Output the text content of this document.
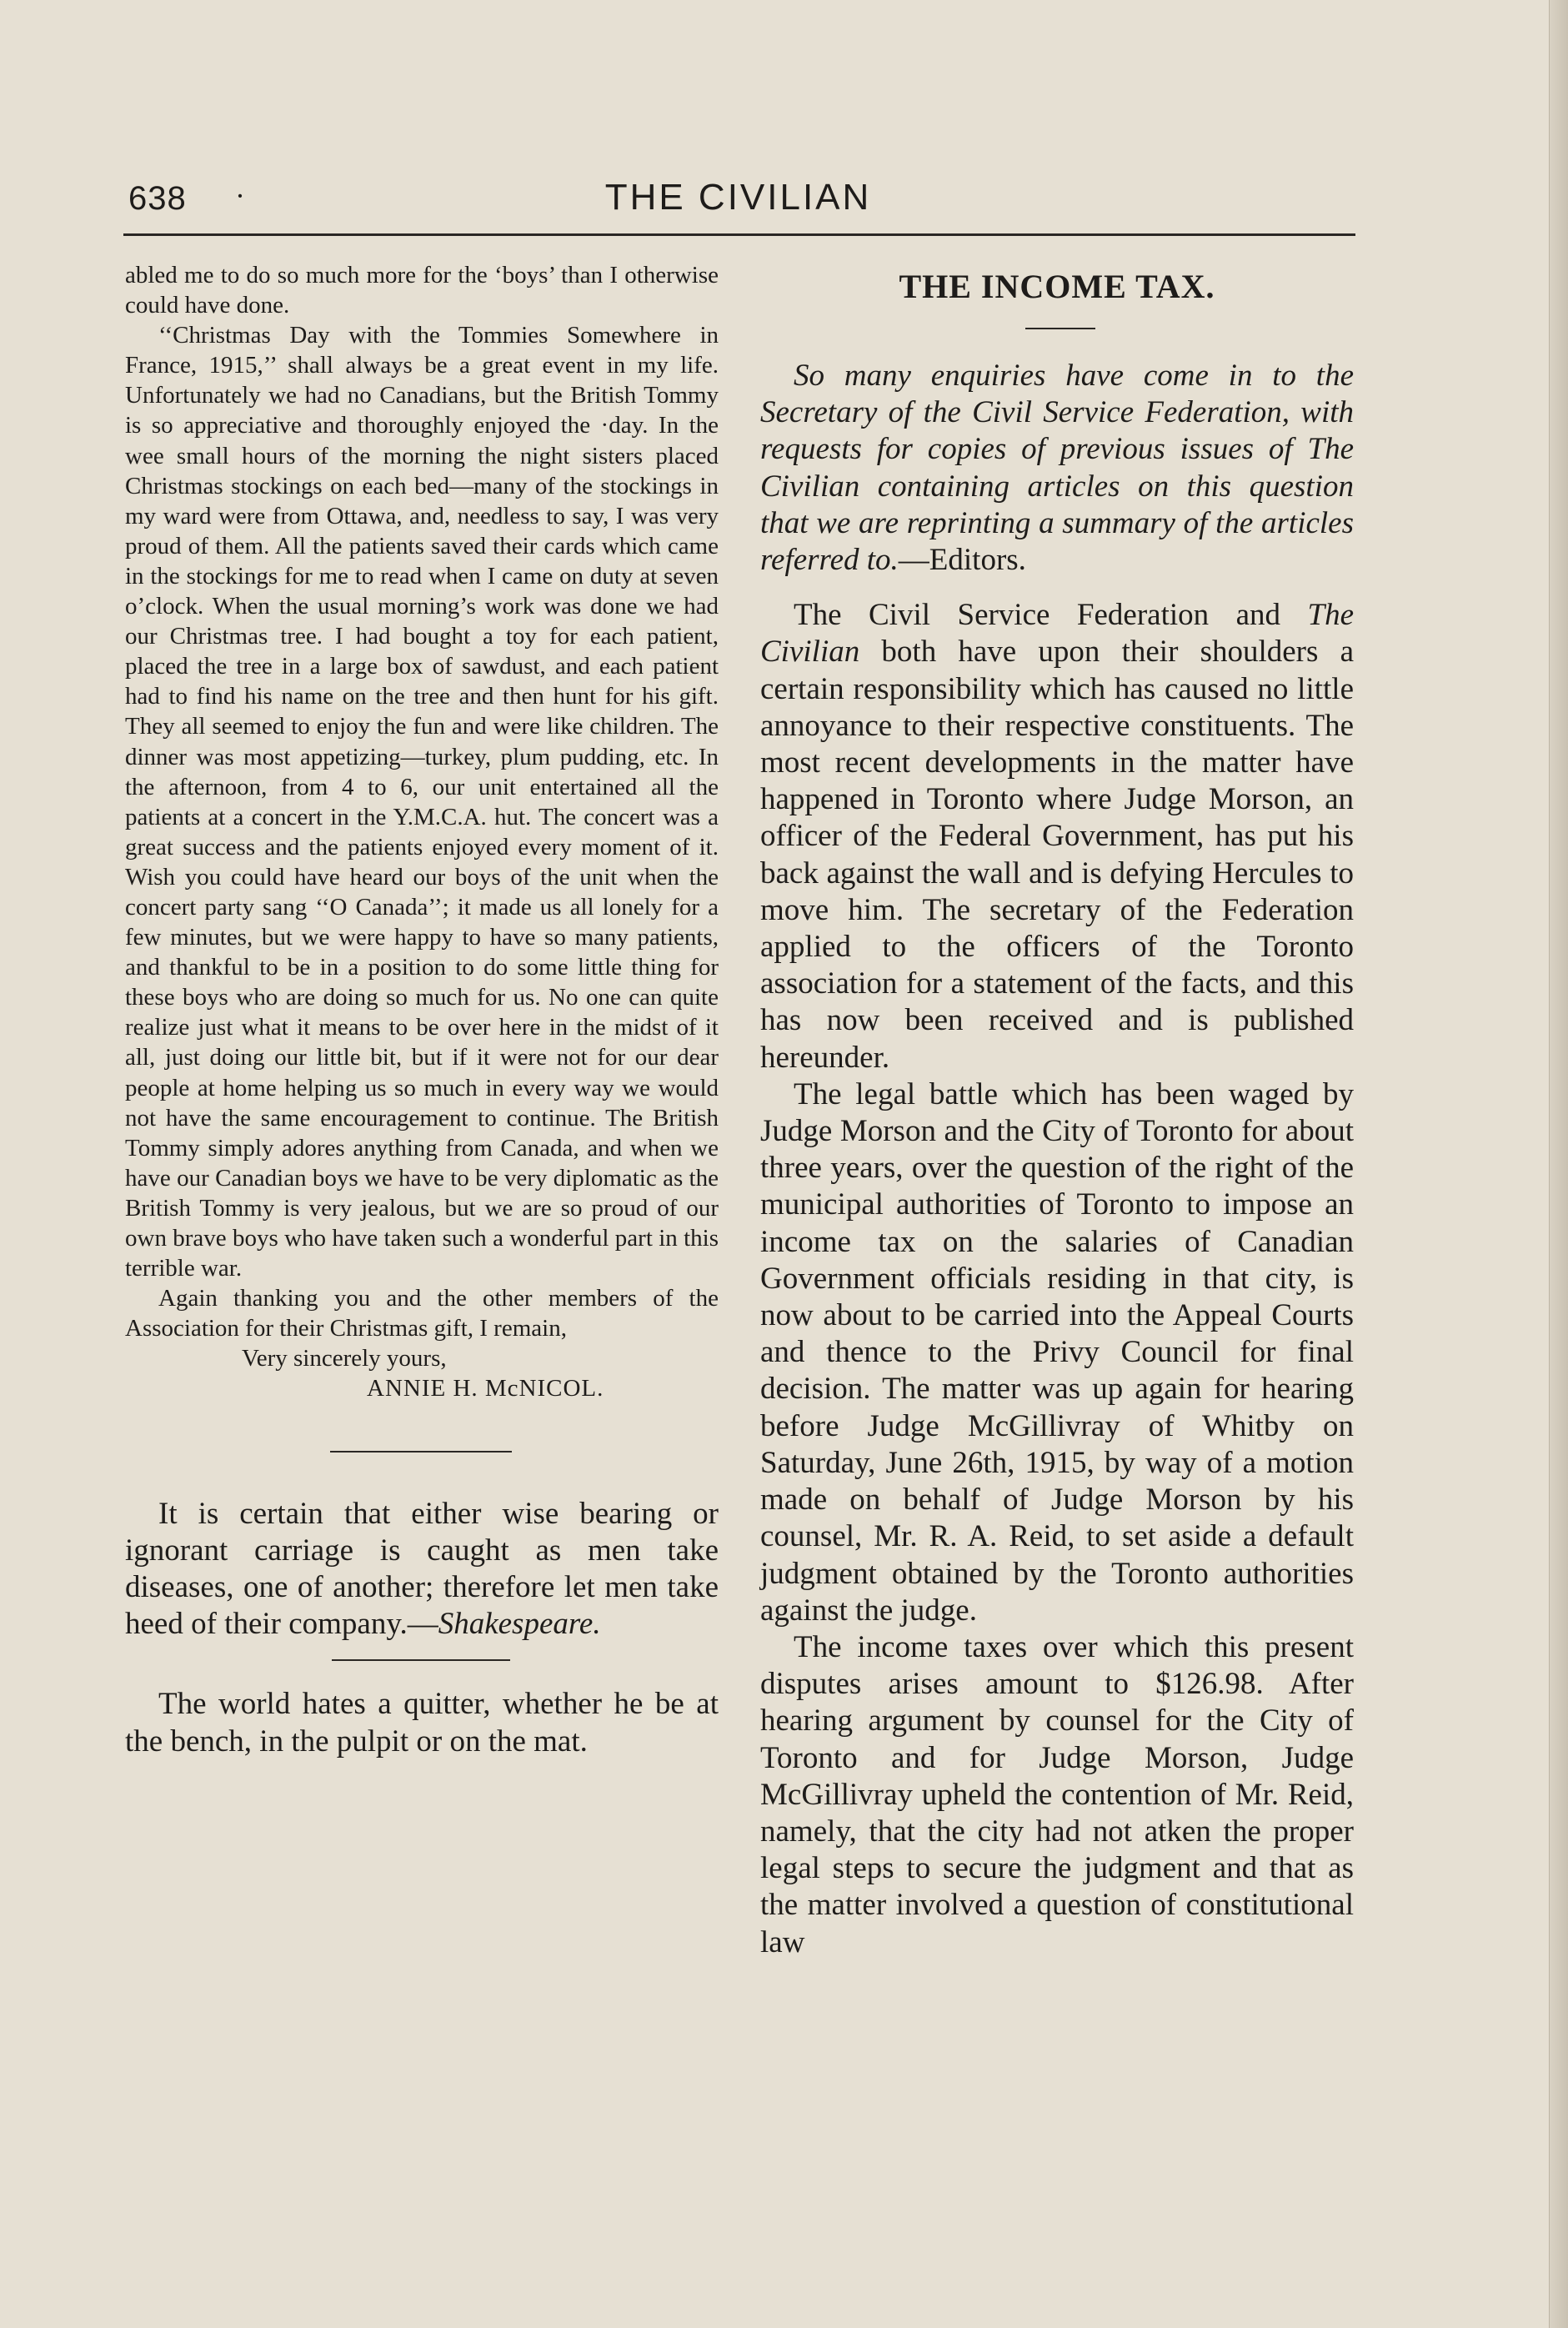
638 ·	THE CIVILIAN

abled me to do so much more for the ‘boys’ than I otherwise could have done.

‘‘Christmas Day with the Tommies Somewhere in France, 1915,’’ shall always be a great event in my life. Unfortunately we had no Canadians, but the British Tommy is so appreciative and thoroughly enjoyed the ·day. In the wee small hours of the morning the night sisters placed Christmas stockings on each bed—many of the stockings in my ward were from Ottawa, and, needless to say, I was very proud of them. All the patients saved their cards which came in the stockings for me to read when I came on duty at seven o’clock. When the usual morning’s work was done we had our Christmas tree. I had bought a toy for each patient, placed the tree in a large box of sawdust, and each patient had to find his name on the tree and then hunt for his gift. They all seemed to enjoy the fun and were like children. The dinner was most appetizing—turkey, plum pudding, etc. In the afternoon, from 4 to 6, our unit entertained all the patients at a concert in the Y.M.C.A. hut. The concert was a great success and the patients enjoyed every moment of it. Wish you could have heard our boys of the unit when the concert party sang ‘‘O Canada’’; it made us all lonely for a few minutes, but we were happy to have so many patients, and thankful to be in a position to do some little thing for these boys who are doing so much for us. No one can quite realize just what it means to be over here in the midst of it all, just doing our little bit, but if it were not for our dear people at home helping us so much in every way we would not have the same encouragement to continue. The British Tommy simply adores anything from Canada, and when we have our Canadian boys we have to be very diplomatic as the British Tommy is very jealous, but we are so proud of our own brave boys who have taken such a wonderful part in this terrible war.

Again thanking you and the other members of the Association for their Christmas gift, I remain,

Very sincerely yours,
ANNIE H. McNICOL.

It is certain that either wise bearing or ignorant carriage is caught as men take diseases, one of another; therefore let men take heed of their company.—Shakespeare.

The world hates a quitter, whether he be at the bench, in the pulpit or on the mat.

THE INCOME TAX.

So many enquiries have come in to the Secretary of the Civil Service Federation, with requests for copies of previous issues of The Civilian containing articles on this question that we are reprinting a summary of the articles referred to.—Editors.

The Civil Service Federation and The Civilian both have upon their shoulders a certain responsibility which has caused no little annoyance to their respective constituents. The most recent developments in the matter have happened in Toronto where Judge Morson, an officer of the Federal Government, has put his back against the wall and is defying Hercules to move him. The secretary of the Federation applied to the officers of the Toronto association for a statement of the facts, and this has now been received and is published hereunder.

The legal battle which has been waged by Judge Morson and the City of Toronto for about three years, over the question of the right of the municipal authorities of Toronto to impose an income tax on the salaries of Canadian Government officials residing in that city, is now about to be carried into the Appeal Courts and thence to the Privy Council for final decision. The matter was up again for hearing before Judge McGillivray of Whitby on Saturday, June 26th, 1915, by way of a motion made on behalf of Judge Morson by his counsel, Mr. R. A. Reid, to set aside a default judgment obtained by the Toronto authorities against the judge.

The income taxes over which this present disputes arises amount to $126.98. After hearing argument by counsel for the City of Toronto and for Judge Morson, Judge McGillivray upheld the contention of Mr. Reid, namely, that the city had not atken the proper legal steps to secure the judgment and that as the matter involved a question of constitutional law
